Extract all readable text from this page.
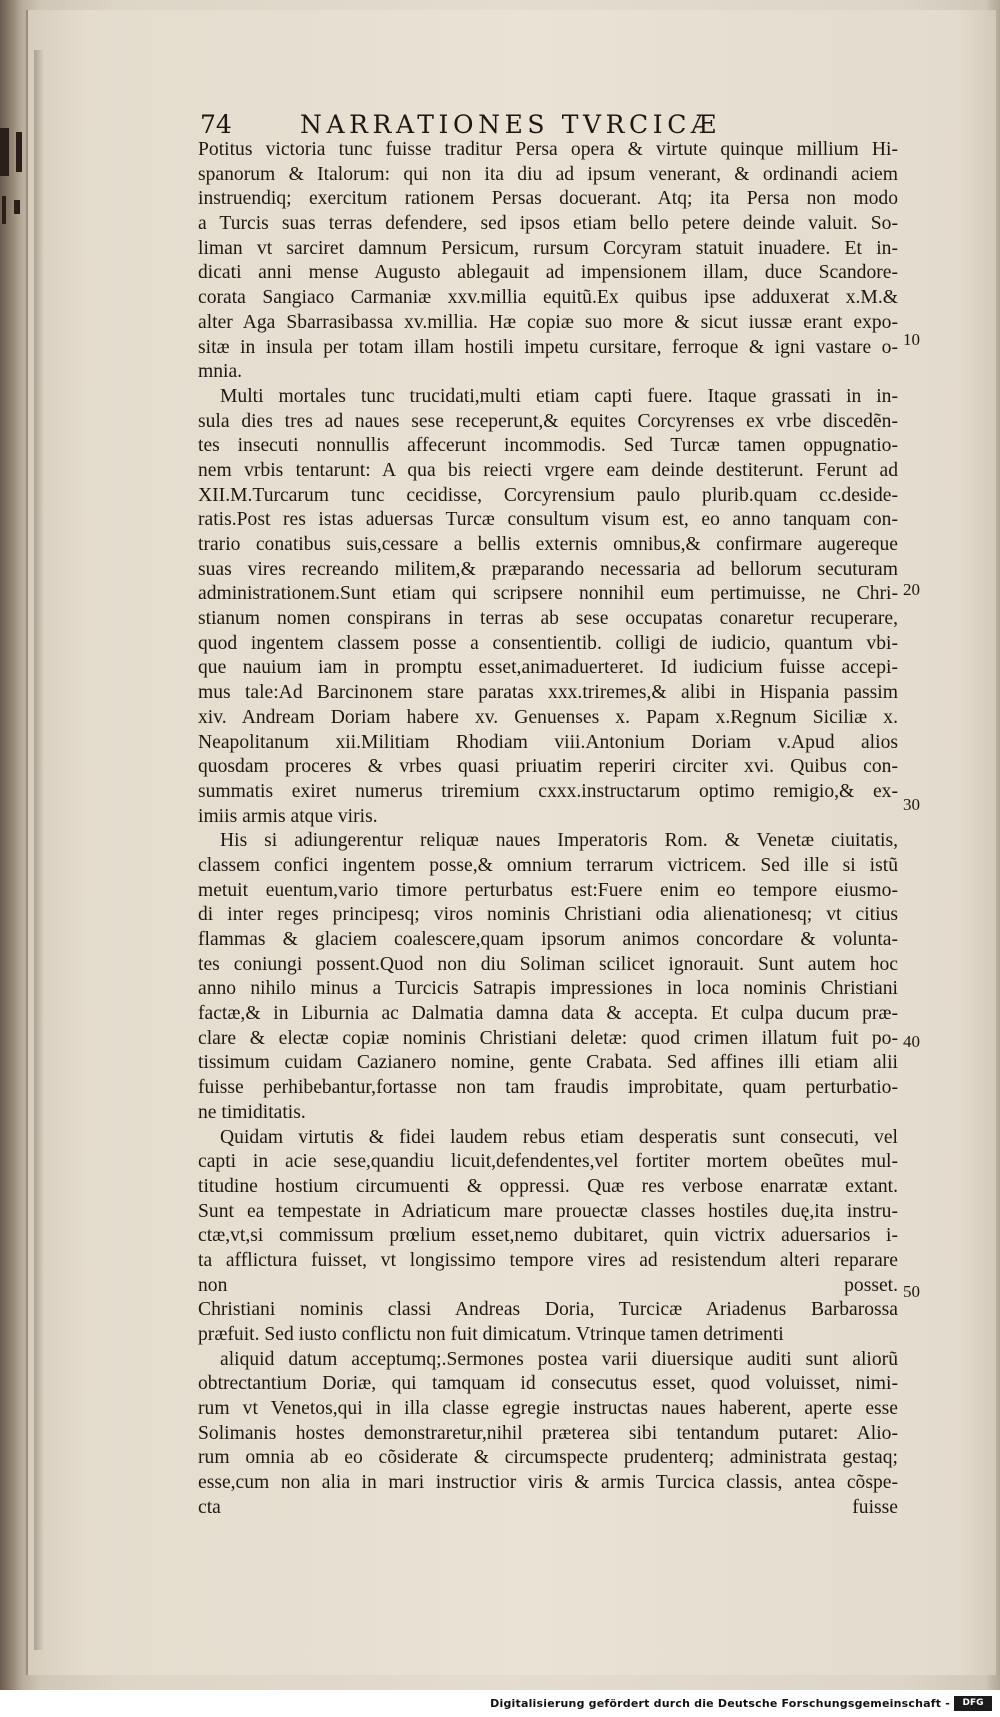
74	NARRATIONES TVRCICÆ
Potitus victoria tunc fuisse traditur Persa opera & virtute quinque millium Hi-
spanorum & Italorum: qui non ita diu ad ipsum venerant, & ordinandi aciem
instruendiq; exercitum rationem Persas docuerant. Atq; ita Persa non modo
a Turcis suas terras defendere, sed ipsos etiam bello petere deinde valuit. So-
liman vt sarciret damnum Persicum, rursum Corcyram statuit inuadere. Et in-
dicati anni mense Augusto ablegauit ad impensionem illam, duce Scandore-
corata Sangiaco Carmaniæ xxv.millia equitũ.Ex quibus ipse adduxerat x.M.&
alter Aga Sbarrasibassa xv.millia. Hæ copiæ suo more & sicut iussæ erant expo-
sitæ in insula per totam illam hostili impetu cursitare, ferroque & igni vastare o-
mnia.
Multi mortales tunc trucidati,multi etiam capti fuere. Itaque grassati in in-
sula dies tres ad naues sese receperunt,& equites Corcyrenses ex vrbe discedẽn-
tes insecuti nonnullis affecerunt incommodis. Sed Turcæ tamen oppugnatio-
nem vrbis tentarunt: A qua bis reiecti vrgere eam deinde destiterunt. Ferunt ad
XII.M.Turcarum tunc cecidisse, Corcyrensium paulo plurib.quam cc.deside-
ratis.Post res istas aduersas Turcæ consultum visum est, eo anno tanquam con-
trario conatibus suis,cessare a bellis externis omnibus,& confirmare augereque
suas vires recreando militem,& præparando necessaria ad bellorum secuturam
administrationem.Sunt etiam qui scripsere nonnihil eum pertimuisse, ne Chri-
stianum nomen conspirans in terras ab sese occupatas conaretur recuperare,
quod ingentem classem posse a consentientib. colligi de iudicio, quantum vbi-
que nauium iam in promptu esset,animaduerteret. Id iudicium fuisse accepi-
mus tale:Ad Barcinonem stare paratas xxx.triremes,& alibi in Hispania passim
xiv. Andream Doriam habere xv. Genuenses x. Papam x.Regnum Siciliæ x.
Neapolitanum xii.Militiam Rhodiam viii.Antonium Doriam v.Apud alios
quosdam proceres & vrbes quasi priuatim reperiri circiter xvi. Quibus con-
summatis exiret numerus triremium cxxx.instructarum optimo remigio,& ex-
imiis armis atque viris.
His si adiungerentur reliquæ naues Imperatoris Rom. & Venetæ ciuitatis,
classem confici ingentem posse,& omnium terrarum victricem. Sed ille si istũ
metuit euentum,vario timore perturbatus est:Fuere enim eo tempore eiusmo-
di inter reges principesq; viros nominis Christiani odia alienationesq; vt citius
flammas & glaciem coalescere,quam ipsorum animos concordare & volunta-
tes coniungi possent.Quod non diu Soliman scilicet ignorauit. Sunt autem hoc
anno nihilo minus a Turcicis Satrapis impressiones in loca nominis Christiani
factæ,& in Liburnia ac Dalmatia damna data & accepta. Et culpa ducum præ-
clare & electæ copiæ nominis Christiani deletæ: quod crimen illatum fuit po-
tissimum cuidam Cazianero nomine, gente Crabata. Sed affines illi etiam alii
fuisse perhibebantur,fortasse non tam fraudis improbitate, quam perturbatio-
ne timiditatis.
Quidam virtutis & fidei laudem rebus etiam desperatis sunt consecuti, vel
capti in acie sese,quandiu licuit,defendentes,vel fortiter mortem obeũtes mul-
titudine hostium circumuenti & oppressi. Quæ res verbose enarratæ extant.
Sunt ea tempestate in Adriaticum mare prouectæ classes hostiles duę,ita instru-
ctæ,vt,si commissum prœlium esset,nemo dubitaret, quin victrix aduersarios i-
ta afflictura fuisset, vt longissimo tempore vires ad resistendum alteri reparare
non posset.
Christiani nominis classi Andreas Doria, Turcicæ Ariadenus Barbarossa
præfuit. Sed iusto conflictu non fuit dimicatum. Vtrinque tamen detrimenti
aliquid datum acceptumq;.Sermones postea varii diuersique auditi sunt aliorũ
obtrectantium Doriæ, qui tamquam id consecutus esset, quod voluisset, nimi-
rum vt Venetos,qui in illa classe egregie instructas naues haberent, aperte esse
Solimanis hostes demonstraretur,nihil præterea sibi tentandum putaret: Alio-
rum omnia ab eo cõsiderate & circumspecte prudenterq; administrata gestaq;
esse,cum non alia in mari instructior viris & armis Turcica classis, antea cõspe-
cta fuisse
10
20
30
40
50
Digitalisierung gefördert durch die Deutsche Forschungsgemeinschaft -	DFG
